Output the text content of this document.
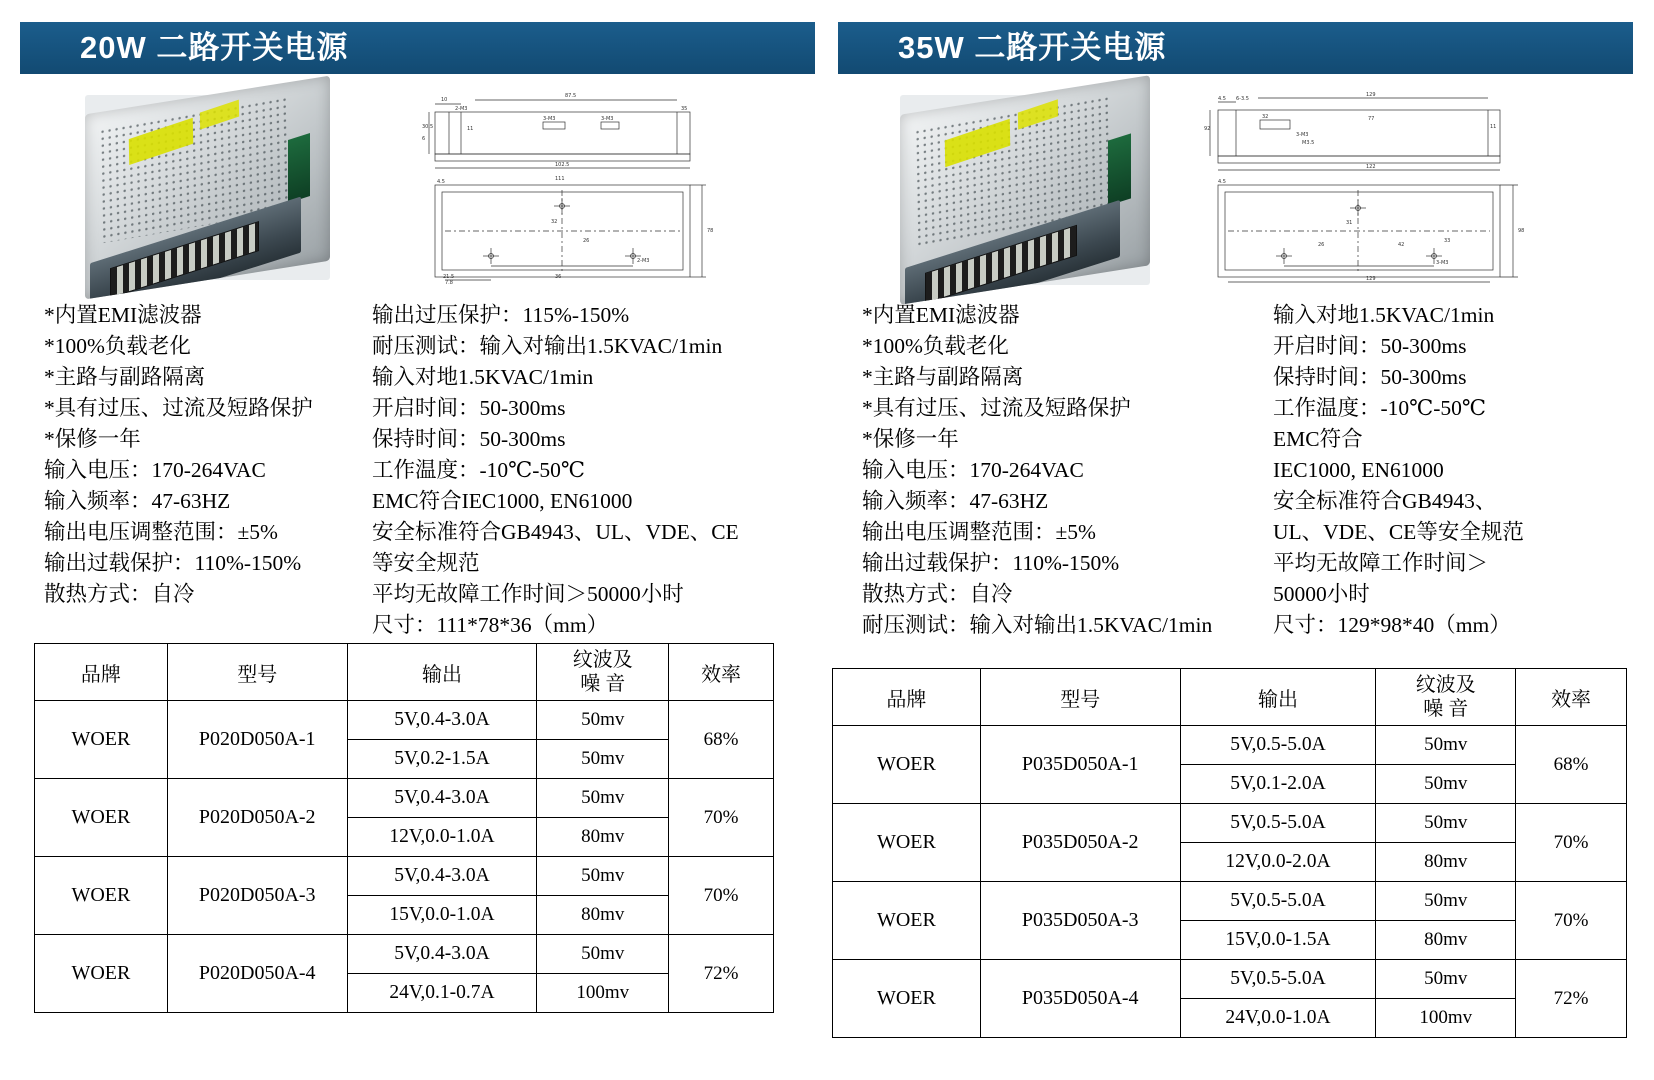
20W 二路开关电源
10
87.5
3-M3	3-M3
35
30.5
6
2-M3
11
102.5
111
4.5
78
32
26
36
21.5
7.8
2-M3
*内置EMI滤波器
*100%负载老化
*主路与副路隔离
*具有过压、过流及短路保护
*保修一年
输入电压：170-264VAC
输入频率：47-63HZ
输出电压调整范围：±5%
输出过载保护：110%-150%
散热方式：自冷
输出过压保护：115%-150%
耐压测试：输入对输出1.5KVAC/1min
输入对地1.5KVAC/1min
开启时间：50-300ms
保持时间：50-300ms
工作温度：-10℃-50℃
EMC符合IEC1000, EN61000
安全标准符合GB4943、UL、VDE、CE
等安全规范
平均无故障工作时间＞50000小时
尺寸：111*78*36（mm）
品牌	型号	输出	纹波及
噪 音	效率
WOER	P020D050A-1	5V,0.4-3.0A	50mv	68%
		5V,0.2-1.5A	50mv	
WOER	P020D050A-2	5V,0.4-3.0A	50mv	70%
		12V,0.0-1.0A	80mv	
WOER	P020D050A-3	5V,0.4-3.0A	50mv	70%
		15V,0.0-1.0A	80mv	
WOER	P020D050A-4	5V,0.4-3.0A	50mv	72%
		24V,0.1-0.7A	100mv	
35W 二路开关电源
4.5 6-3.5
129
92
32	77
3-M3
M3.5
11
122
4.5
98
31
26	42
33
3-M3
129
*内置EMI滤波器
*100%负载老化
*主路与副路隔离
*具有过压、过流及短路保护
*保修一年
输入电压：170-264VAC
输入频率：47-63HZ
输出电压调整范围：±5%
输出过载保护：110%-150%
散热方式：自冷
耐压测试：输入对输出1.5KVAC/1min
输入对地1.5KVAC/1min
开启时间：50-300ms
保持时间：50-300ms
工作温度：-10℃-50℃
EMC符合
IEC1000, EN61000
安全标准符合GB4943、
UL、VDE、CE等安全规范
平均无故障工作时间＞
50000小时
尺寸：129*98*40（mm）
品牌	型号	输出	纹波及
噪 音	效率
WOER	P035D050A-1	5V,0.5-5.0A	50mv	68%
		5V,0.1-2.0A	50mv	
WOER	P035D050A-2	5V,0.5-5.0A	50mv	70%
		12V,0.0-2.0A	80mv	
WOER	P035D050A-3	5V,0.5-5.0A	50mv	70%
		15V,0.0-1.5A	80mv	
WOER	P035D050A-4	5V,0.5-5.0A	50mv	72%
		24V,0.0-1.0A	100mv	
